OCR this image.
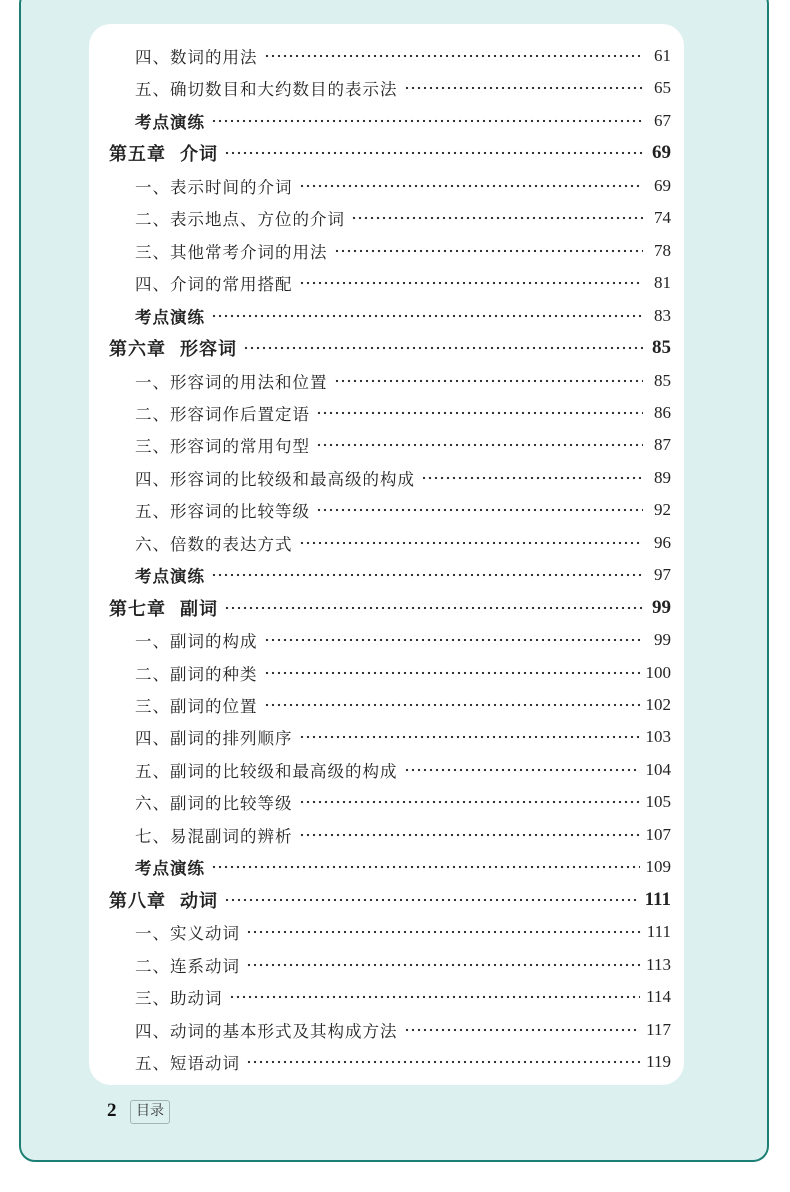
四、数词的用法	61
五、确切数目和大约数目的表示法	65
考点演练	67
第五章 介词	69
一、表示时间的介词	69
二、表示地点、方位的介词	74
三、其他常考介词的用法	78
四、介词的常用搭配	81
考点演练	83
第六章 形容词	85
一、形容词的用法和位置	85
二、形容词作后置定语	86
三、形容词的常用句型	87
四、形容词的比较级和最高级的构成	89
五、形容词的比较等级	92
六、倍数的表达方式	96
考点演练	97
第七章 副词	99
一、副词的构成	99
二、副词的种类	100
三、副词的位置	102
四、副词的排列顺序	103
五、副词的比较级和最高级的构成	104
六、副词的比较等级	105
七、易混副词的辨析	107
考点演练	109
第八章 动词	111
一、实义动词	111
二、连系动词	113
三、助动词	114
四、动词的基本形式及其构成方法	117
五、短语动词	119
2	目录
